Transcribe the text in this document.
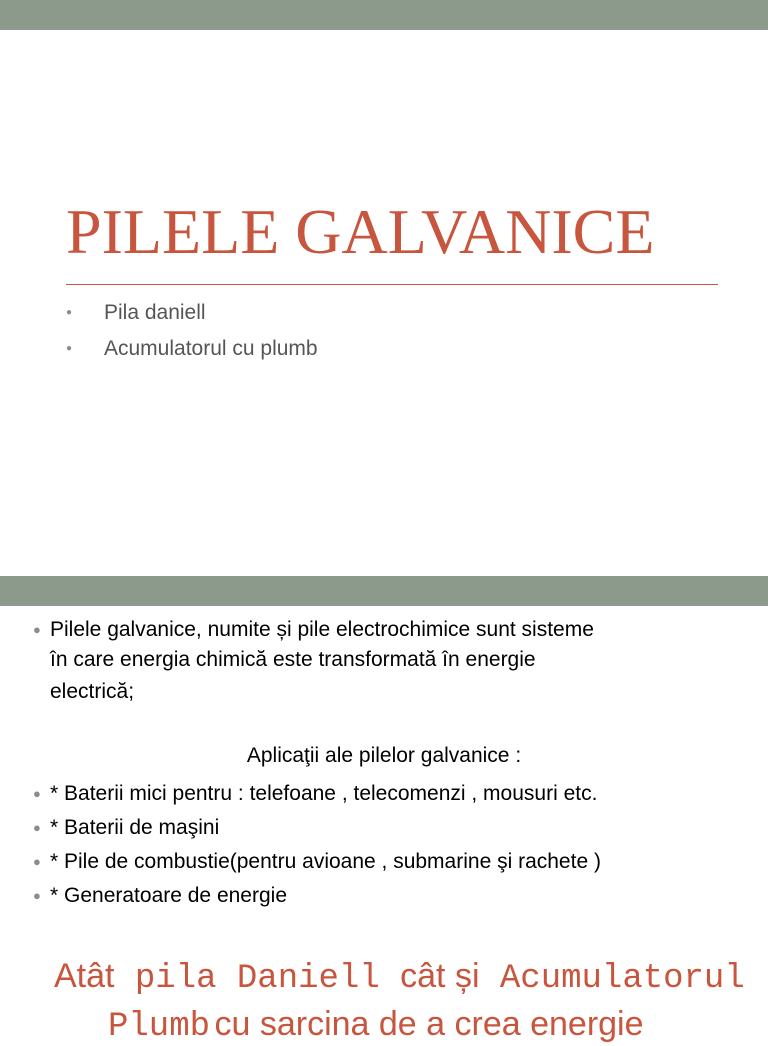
PILELE GALVANICE
● Pila daniell
● Acumulatorul cu plumb
● Pilele galvanice, numite și pile electrochimice sunt sisteme
în care energia chimică este transformată în energie
electrică;
Aplicaţii ale pilelor galvanice :
● * Baterii mici pentru : telefoane , telecomenzi , mousuri etc.
● * Baterii de maşini
● * Pile de combustie(pentru avioane , submarine şi rachete )
● * Generatoare de energie
Atât pila Daniell cât și Acumulatorul
Plumb cu sarcina de a crea energie
